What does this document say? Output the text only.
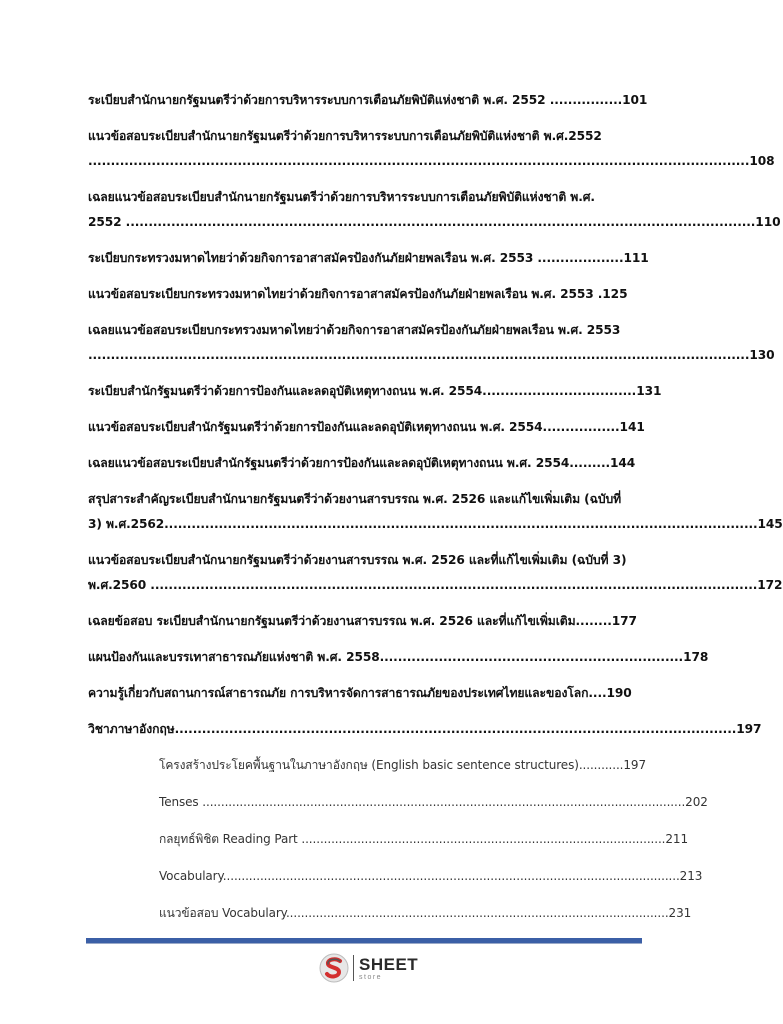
ระเบียบสำนักนายกรัฐมนตรีว่าด้วยการบริหารระบบการเตือนภัยพิบัติแห่งชาติ พ.ศ. 2552 ................101
แนวข้อสอบระเบียบสำนักนายกรัฐมนตรีว่าด้วยการบริหารระบบการเตือนภัยพิบัติแห่งชาติ พ.ศ.2552
..................................................................................................................................................108
เฉลยแนวข้อสอบระเบียบสำนักนายกรัฐมนตรีว่าด้วยการบริหารระบบการเตือนภัยพิบัติแห่งชาติ พ.ศ.
2552 ...........................................................................................................................................110
ระเบียบกระทรวงมหาดไทยว่าด้วยกิจการอาสาสมัครป้องกันภัยฝ่ายพลเรือน พ.ศ. 2553 ...................111
แนวข้อสอบระเบียบกระทรวงมหาดไทยว่าด้วยกิจการอาสาสมัครป้องกันภัยฝ่ายพลเรือน พ.ศ. 2553 .125
เฉลยแนวข้อสอบระเบียบกระทรวงมหาดไทยว่าด้วยกิจการอาสาสมัครป้องกันภัยฝ่ายพลเรือน พ.ศ. 2553
..................................................................................................................................................130
ระเบียบสำนักรัฐมนตรีว่าด้วยการป้องกันและลดอุบัติเหตุทางถนน พ.ศ. 2554..................................131
แนวข้อสอบระเบียบสำนักรัฐมนตรีว่าด้วยการป้องกันและลดอุบัติเหตุทางถนน พ.ศ. 2554.................141
เฉลยแนวข้อสอบระเบียบสำนักรัฐมนตรีว่าด้วยการป้องกันและลดอุบัติเหตุทางถนน พ.ศ. 2554.........144
สรุปสาระสำคัญระเบียบสำนักนายกรัฐมนตรีว่าด้วยงานสารบรรณ พ.ศ. 2526 และแก้ไขเพิ่มเติม (ฉบับที่
3) พ.ศ.2562...................................................................................................................................145
แนวข้อสอบระเบียบสำนักนายกรัฐมนตรีว่าด้วยงานสารบรรณ พ.ศ. 2526 และที่แก้ไขเพิ่มเติม (ฉบับที่ 3)
พ.ศ.2560 ......................................................................................................................................172
เฉลยข้อสอบ ระเบียบสำนักนายกรัฐมนตรีว่าด้วยงานสารบรรณ พ.ศ. 2526 และที่แก้ไขเพิ่มเติม........177
แผนป้องกันและบรรเทาสาธารณภัยแห่งชาติ พ.ศ. 2558...................................................................178
ความรู้เกี่ยวกับสถานการณ์สาธารณภัย การบริหารจัดการสาธารณภัยของประเทศไทยและของโลก....190
วิชาภาษาอังกฤษ............................................................................................................................197
โครงสร้างประโยคพื้นฐานในภาษาอังกฤษ (English basic sentence structures)............197
Tenses ..................................................................................................................................202
กลยุทธ์พิชิต Reading Part ..................................................................................................211
Vocabulary...........................................................................................................................213
แนวข้อสอบ Vocabulary.......................................................................................................231
SHEET
store
